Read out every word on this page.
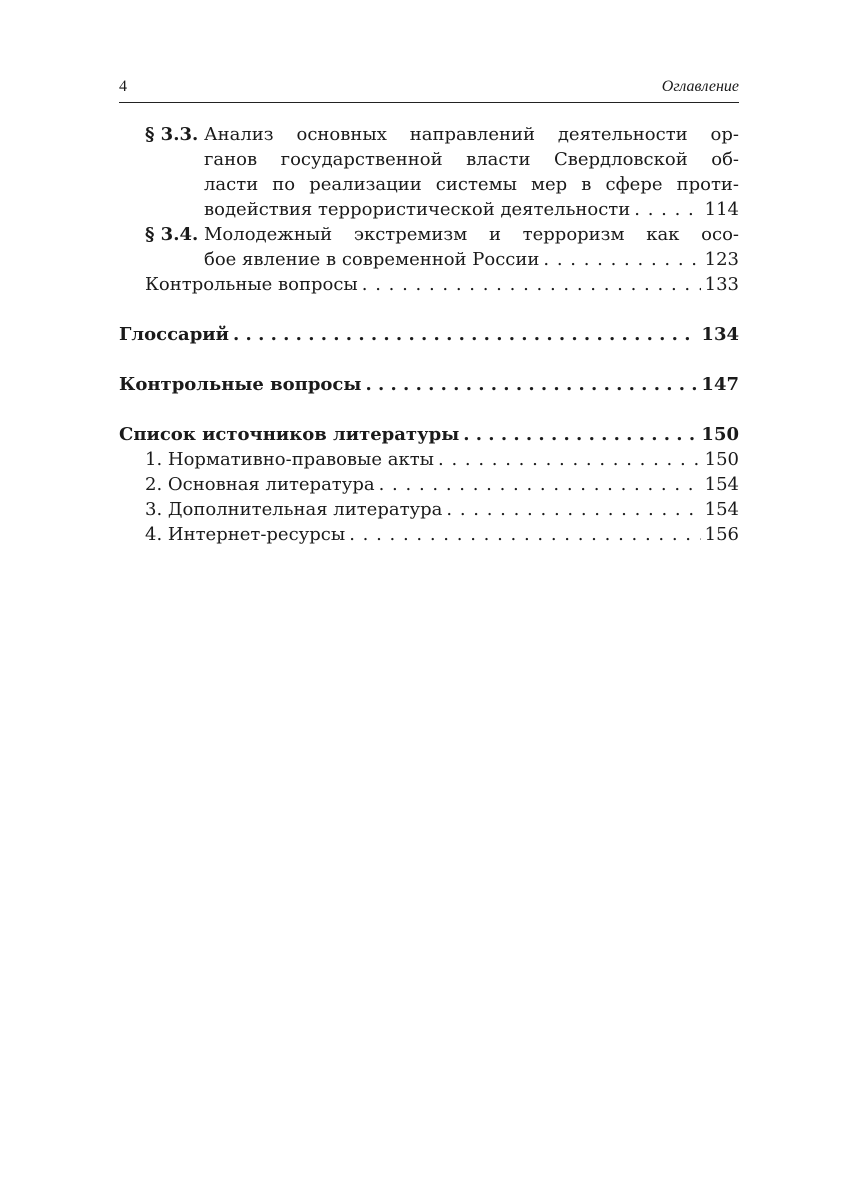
4	Оглавление
§ 3.3. Анализ основных направлений деятельности ор-
ганов государственной власти Свердловской об-
ласти по реализации системы мер в сфере проти-
водействия террористической деятельности . . .	114
§ 3.4. Молодежный экстремизм и терроризм как осо-
бое явление в современной России . . .	123
Контрольные вопросы . . .	133
Глоссарий . . .	134
Контрольные вопросы . . .	147
Список источников литературы . . .	150
1. Нормативно-правовые акты . . .	150
2. Основная литература . . .	154
3. Дополнительная литература . . .	154
4. Интернет-ресурсы . . .	156
